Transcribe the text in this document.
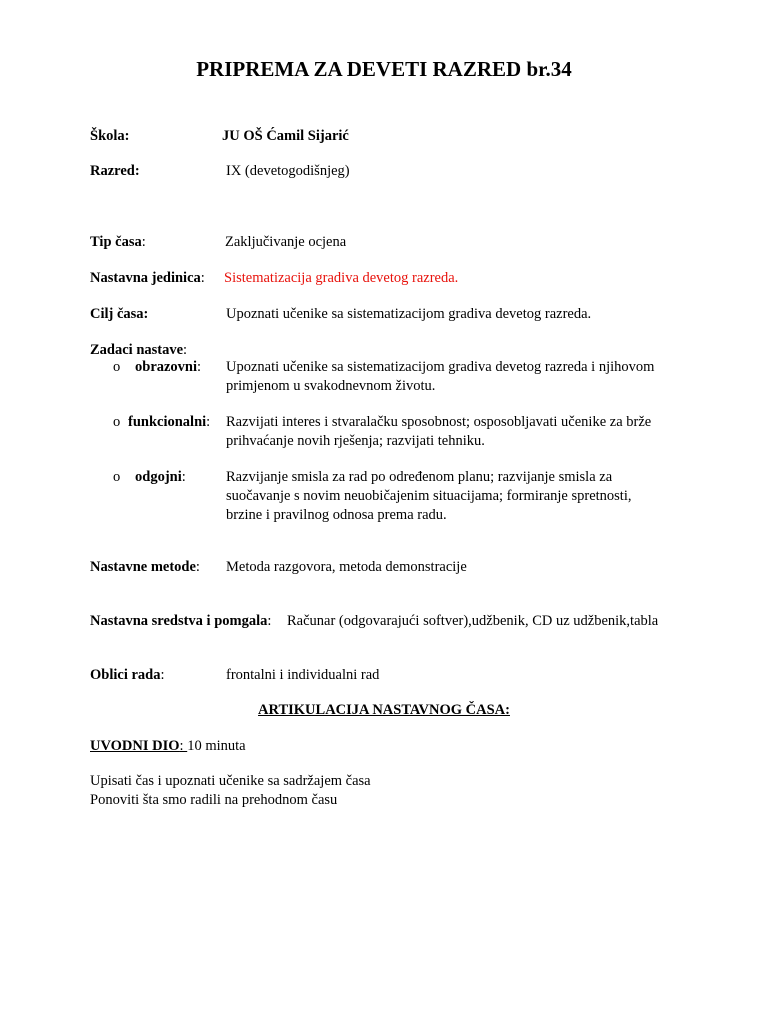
PRIPREMA ZA DEVETI RAZRED br.34
Škola:	JU OŠ Ćamil Sijarić
Razred:	IX (devetogodišnjeg)
Tip časa:	Zaključivanje ocjena
Nastavna jedinica: Sistematizacija gradiva devetog razreda.
Cilj časa:	Upoznati učenike sa sistematizacijom gradiva devetog razreda.
Zadaci nastave:
o obrazovni: Upoznati učenike sa sistematizacijom gradiva devetog razreda i njihovom
primjenom u svakodnevnom životu.
o funkcionalni: Razvijati interes i stvaralačku sposobnost; osposobljavati učenike za brže
prihvaćanje novih rješenja; razvijati tehniku.
o odgojni:	Razvijanje smisla za rad po određenom planu; razvijanje smisla za
suočavanje s novim neuobičajenim situacijama; formiranje spretnosti,
brzine i pravilnog odnosa prema radu.
Nastavne metode: Metoda razgovora, metoda demonstracije
Nastavna sredstva i pomgala: Računar (odgovarajući softver),udžbenik, CD uz udžbenik,tabla
Oblici rada:	frontalni i individualni rad
ARTIKULACIJA NASTAVNOG ČASA:
UVODNI DIO: 10 minuta
Upisati čas i upoznati učenike sa sadržajem časa
Ponoviti šta smo radili na prehodnom času
